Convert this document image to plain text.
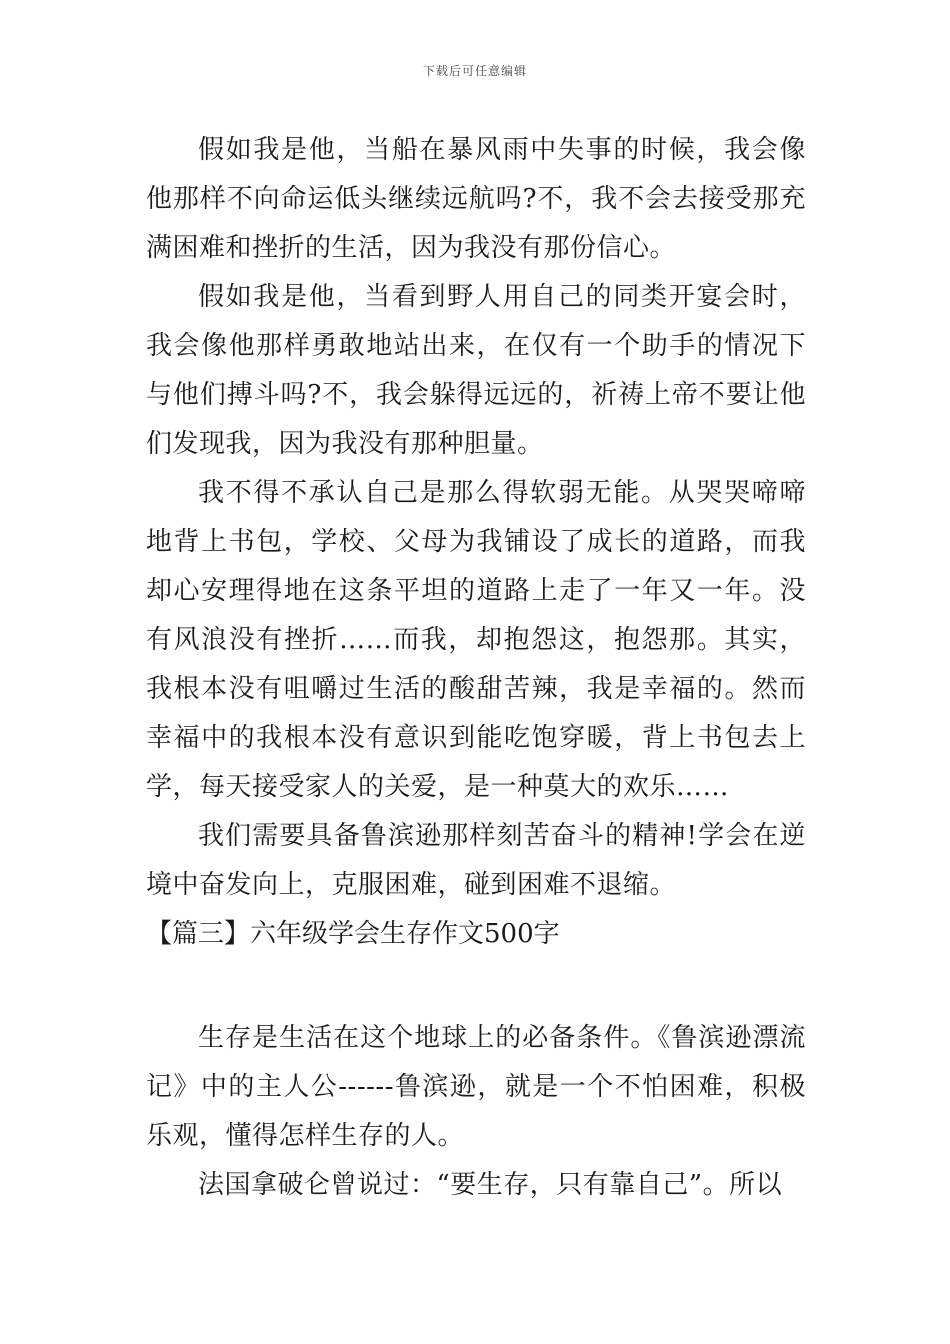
下载后可任意编辑

假如我是他，当船在暴风雨中失事的时候，我会像他那样不向命运低头继续远航吗?不，我不会去接受那充满困难和挫折的生活，因为我没有那份信心。

假如我是他，当看到野人用自己的同类开宴会时，我会像他那样勇敢地站出来，在仅有一个助手的情况下与他们搏斗吗?不，我会躲得远远的，祈祷上帝不要让他们发现我，因为我没有那种胆量。

我不得不承认自己是那么得软弱无能。从哭哭啼啼地背上书包，学校、父母为我铺设了成长的道路，而我却心安理得地在这条平坦的道路上走了一年又一年。没有风浪没有挫折……而我，却抱怨这，抱怨那。其实，我根本没有咀嚼过生活的酸甜苦辣，我是幸福的。然而幸福中的我根本没有意识到能吃饱穿暖，背上书包去上学，每天接受家人的关爱，是一种莫大的欢乐……

我们需要具备鲁滨逊那样刻苦奋斗的精神!学会在逆境中奋发向上，克服困难，碰到困难不退缩。

【篇三】六年级学会生存作文500字

生存是生活在这个地球上的必备条件。《鲁滨逊漂流记》中的主人公------鲁滨逊，就是一个不怕困难，积极乐观，懂得怎样生存的人。

法国拿破仑曾说过：“要生存，只有靠自己”。所以
